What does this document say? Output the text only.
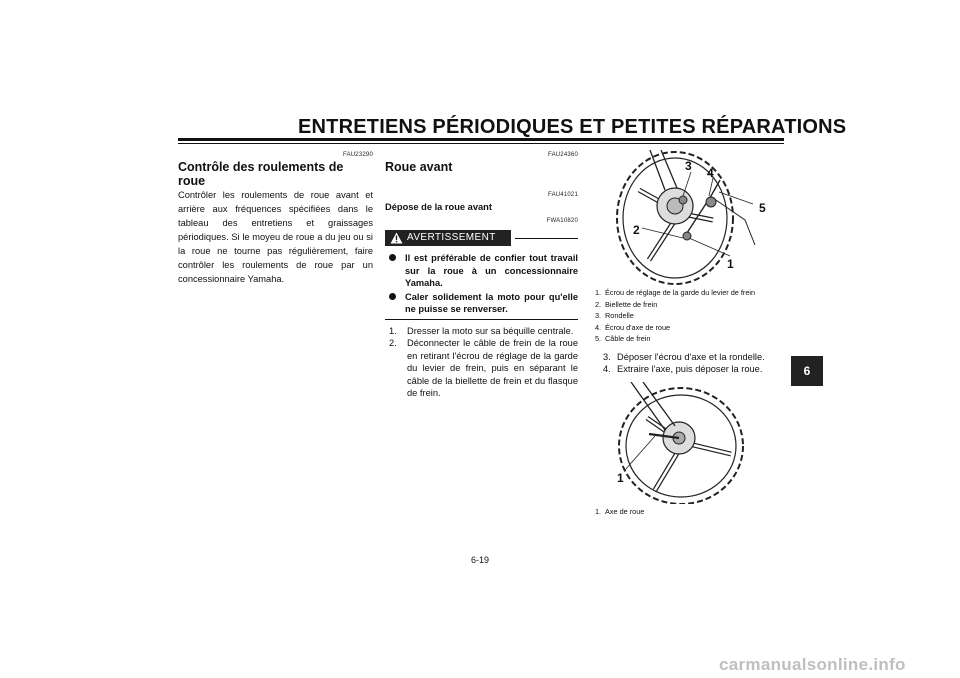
ENTRETIENS PÉRIODIQUES ET PETITES RÉPARATIONS
FAU23290
Contrôle des roulements de roue
Contrôler les roulements de roue avant et arrière aux fréquences spécifiées dans le tableau des entretiens et graissages périodiques. Si le moyeu de roue a du jeu ou si la roue ne tourne pas régulièrement, faire contrôler les roulements de roue par un concessionnaire Yamaha.
FAU24360
Roue avant
FAU41021
Dépose de la roue avant
FWA10820
AVERTISSEMENT
Il est préférable de confier tout travail sur la roue à un concessionnaire Yamaha.
Caler solidement la moto pour qu'elle ne puisse se renverser.
1. Dresser la moto sur sa béquille centrale.
2. Déconnecter le câble de frein de la roue en retirant l'écrou de réglage de la garde du levier de frein, puis en séparant le câble de la biellette de frein et du flasque de frein.
1
2
3 4
5
1. Écrou de réglage de la garde du levier de frein
2. Biellette de frein
3. Rondelle
4. Écrou d'axe de roue
5. Câble de frein
3. Déposer l'écrou d'axe et la rondelle.
4. Extraire l'axe, puis déposer la roue.
1
1. Axe de roue
6
6-19
carmanualsonline.info
